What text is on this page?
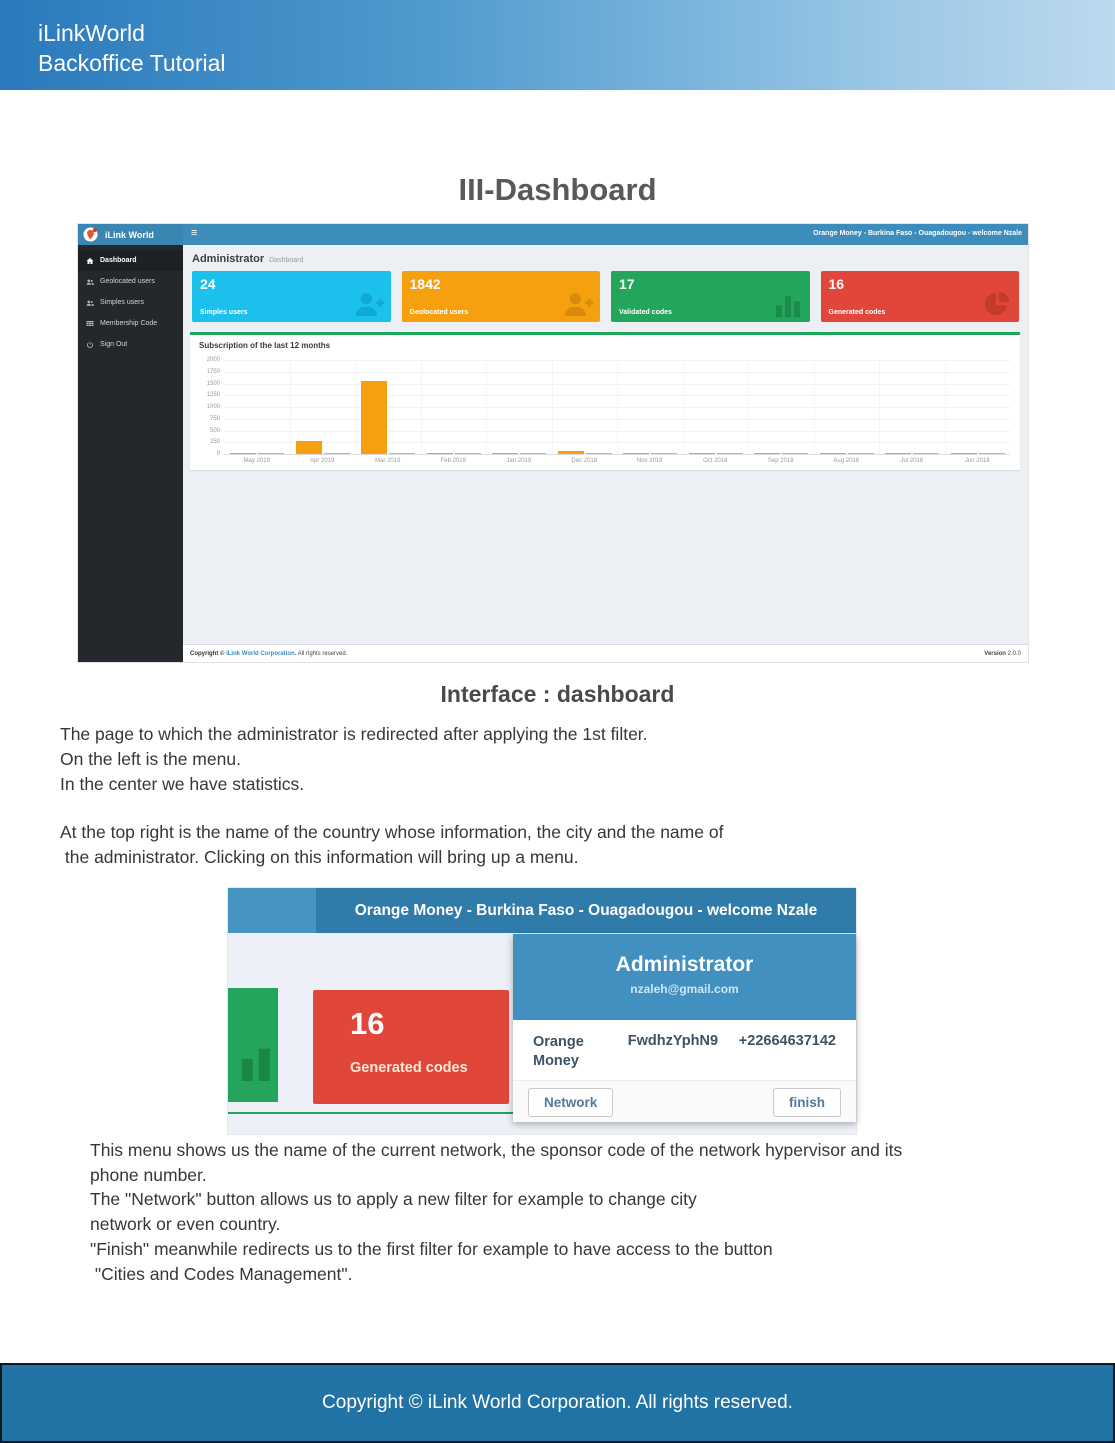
iLinkWorld
Backoffice Tutorial
III-Dashboard
iLink World	≡	Orange Money - Burkina Faso - Ouagadougou - welcome Nzale
Dashboard
Geolocated users
Simples users
Membership Code
Sign Out
Administrator Dashboard
24
Simples users
1842
Geolocated users
17
Validated codes
16
Generated codes
Subscription of the last 12 months
0
250
500
750
1000
1250
1500
1750
2000
May 2019	Apr 2019	Mar 2019	Feb 2019	Jan 2019	Dec 2018	Nov 2018	Oct 2018	Sep 2018	Aug 2018	Jul 2018	Jun 2018
Copyright © iLink World Corporation. All rights reserved.	Version 2.0.0
Interface : dashboard
The page to which the administrator is redirected after applying the 1st filter.
On the left is the menu.
In the center we have statistics.
At the top right is the name of the country whose information, the city and the name of
the administrator. Clicking on this information will bring up a menu.
Orange Money - Burkina Faso - Ouagadougou - welcome Nzale
16
Generated codes
Administrator
nzaleh@gmail.com
Orange Money
FwdhzYphN9 +22664637142
Network	finish
This menu shows us the name of the current network, the sponsor code of the network hypervisor and its
phone number.
The "Network" button allows us to apply a new filter for example to change city
network or even country.
"Finish" meanwhile redirects us to the first filter for example to have access to the button
"Cities and Codes Management".
Copyright © iLink World Corporation. All rights reserved.
